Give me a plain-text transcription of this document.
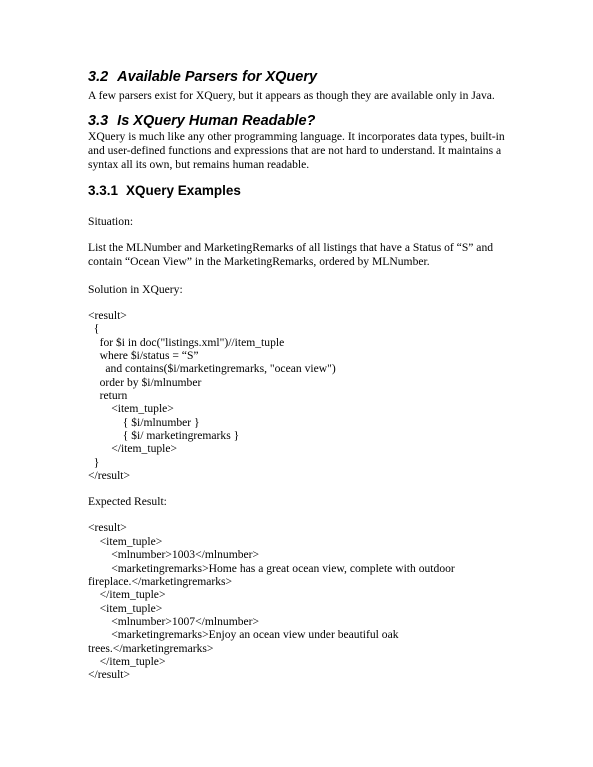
3.2 Available Parsers for XQuery

A few parsers exist for XQuery, but it appears as though they are available only in Java.

3.3 Is XQuery Human Readable?
XQuery is much like any other programming language. It incorporates data types, built-in
and user-defined functions and expressions that are not hard to understand. It maintains a
syntax all its own, but remains human readable.
3.3.1 XQuery Examples
Situation:
List the MLNumber and MarketingRemarks of all listings that have a Status of “S” and
contain “Ocean View” in the MarketingRemarks, ordered by MLNumber.
Solution in XQuery:
<result>
{
for $i in doc("listings.xml")//item_tuple
where $i/status = “S”
and contains($i/marketingremarks, "ocean view")
order by $i/mlnumber
return
<item_tuple>
{ $i/mlnumber }
{ $i/ marketingremarks }
</item_tuple>
}
</result>
Expected Result:
<result>
<item_tuple>
<mlnumber>1003</mlnumber>
<marketingremarks>Home has a great ocean view, complete with outdoor
fireplace.</marketingremarks>
</item_tuple>
<item_tuple>
<mlnumber>1007</mlnumber>
<marketingremarks>Enjoy an ocean view under beautiful oak
trees.</marketingremarks>
</item_tuple>
</result>
